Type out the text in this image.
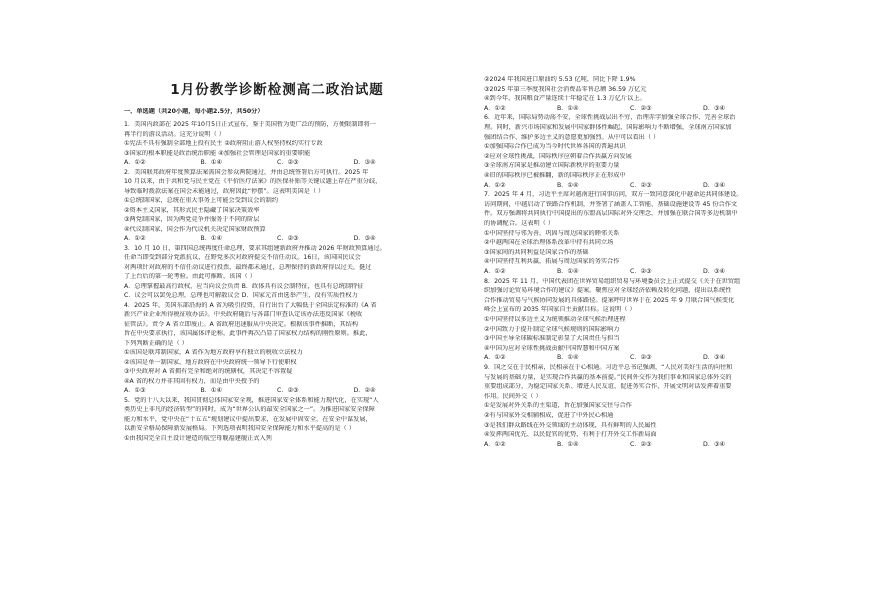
1月份教学诊断检测高二政治试题
一、单选题（共20小题，每小题2.5分，共50分）
1．美国内政部在 2025 年10月5日正式宣布，鉴于美国暂为更广泛的预防，方便限制即将一
再半行的游议活动。这充分说明（ ）
①宪法不具有强制全部地上投有民主 ②政府阻止游人权坚持权约实行专政
③国家的根本职能是政治统治职能 ④加强社会管理是国家的重要职能
A．①②	B．①④	C．②③	D．③④
2．美国联邦政府年度预算法案需国会参众两院通过，并由总统签署后方可执行。2025 年
10 月以来，由于共和党与民主党在《平价医疗法案》的医保补贴等关键议题上存在严重分歧，
导致临时拨款法案在国会未能通过，政府因此“停摆”。这表明美国是（ ）
①总统制国家，总统在重大事务上可能会受到议会的制约
②资本主义国家，其形式民主隐藏了国家决策效率
③两党制国家，因为两党竞争并服务于不同的阶层
④代议制国家，国会作为代议机关决定国家财政预算
A．①②	B．①④	C．②③	D．③④
3．10 月 10 日，第四国总统再度任命总理，要求其组建新政府并推动 2026 年财政预算通过。
任命当即受到部分党派抗议，在野党多次对政府提交不信任动议。16日，该国国民议会
对两项针对政府的不信任动议进行投票，最终都未通过，总理保持的新政府得以过关，挺过
了上台后的第一轮考验。由此可推断，该国（ ）
A．总理掌握最高行政权，应当向议会负责 B．政体具有议会制特征，也具有总统制特征
C．议会可以罢免总理，总理也可解散议会 D．国家元首由选举产生，没有实质性权力
4．2025 年，美国东部沿海的 A 省为吸引投资，自行出台了大幅低于全国法定标准的《A 省
新兴产业企业所得税征收办法》。中央政府随后与各部门审查认定该办法违反国家《税收
征管法》。责令 A 省立即废止。A 省政府迅速服从中央决定。根据该事件推断，其结构
旨在中央要求执行，该国属体评论称，此事件再次凸显了国家权力结构的刚性原则。推此，
下列判断正确的是（ ）
①该国是联邦制国家，A 省作为地方政府享有独立的税收立法权力
②该国是单一制国家，地方政府在中央政府统一领导下行使职权
③中央政府对 A 省拥有完全和绝对的统辖权，其决定不容置疑
④A 省的权力并非其固有权力，而是由中央授予的
A．①③	B．①④	C．②③	D．②④
5．党的十八大以来，我国贯彻总体国家安全观，推进国家安全体系和能力现代化，在实现“人
类历史上非凡的经济转型”的同时，成为“世界公认的最安全国家之一”。为推进国家安全保障
能力和水平，党中央在“十五五”规划建议中提出要求，在发展中固安全，在安全中谋发展，
以新安全格局保障新发展格局。下列选项表明我国安全保障能力和水平提高的是（ ）
①由我国完全自主设计建造的航空母舰福建舰正式入列
②2024 年我国进口原油约 5.53 亿吨，同比下降 1.9%
③2025 年第三季度我国社会消费品零售总额 36.59 万亿元
④到今年，我国粮食产量连续十年稳定在 1.3 万亿斤以上。
A．①②	B．①④	C．②③	D．③④
6．近年来，国际局势动荡不安，全球性挑战层出不穷，治理赤字加强全球合作、完善全球治
理。同时，新兴市场国家和发展中国家群体性崛起，国际影响力不断增强，全球南方国家加
强团结合作、维护多边主义的意愿更加强烈。从中可以看出（ ）
①加强国际合作已成为当今时代世界各国的普遍共识
②应对全球性挑战，国际秩序应朝着合作共赢方向发展
③全球南方国家是推动建立国际新秩序的重要力量
④旧的国际秩序已被推翻，新的国际秩序正在形成中
A．①②	B．①④	C．②③	D．③④
7．2025 年 4 月，习近平主席对越南进行国事访问，双方一致同意深化中越命运共同体建设。
访问期间，中越启动了铁路合作机制，并签署了涵盖人工智能、基础设施建设等 45 份合作文
件。双方强调将共同执行中国提出的东盟高层国际对外交理念，并加强在联合国等多边机制中
的协调配合。这表明（ ）
①中国坚持与邻为善，巩固与周边国家的睦邻关系
②中越两国在全球治理体系改革中持有共同立场
③国家间的共同利益是国家合作的基础
④中国坚持互利共赢，拓展与周边国家的务实合作
A．①②	B．①④	C．②③	D．③④
8．2025 年 11 月，中国代表团在世界贸易组织贸易与环境委员会上正式提交《关于在世贸组
织加强讨论贸易环境合作的建议》提案。聚焦应对全球经济依赖及转化问题，提出以系统性
合作推动贸易与气候协同发展的具体路径。提案呼吁世界于在 2025 年 9 月联合国气候变化
峰会上宣布的 2035 年国家自主贡献目标。这说明（ ）
①中国坚持以多边主义为统领推动全球气候治理进程
②中国致力于提升制定全球气候规则的国际影响力
③中国主导全球碳标准制定彰显了大国责任与担当
④中国为应对全球性挑战贡献中国智慧和中国方案
A．①②	B．①④	C．②③	D．③④
9．国之交在于民相亲，民相亲在于心相通。习近平总书记强调，“人民对美好生活的向往和
与发展的基础力量，是实现合作共赢的基本前提。”民间外交作为我们事业和国家总体外交的
重要组成部分，为稳定国家关系、增进人民友谊、促进务实合作、开展文明对话发挥着重要
作用。民间外交（ ）
①是发展对外关系的主渠道，旨在加强国家交往与合作
②有与国家外交相辅相成，促进了中外民心相通
③是我们群众路线在外交领域的主动体现，具有鲜明的人民属性
④发挥两国优先、以民促官的优势，有利于打开外交工作新局面
A．①②	B．①④	C．②③	D．③④
